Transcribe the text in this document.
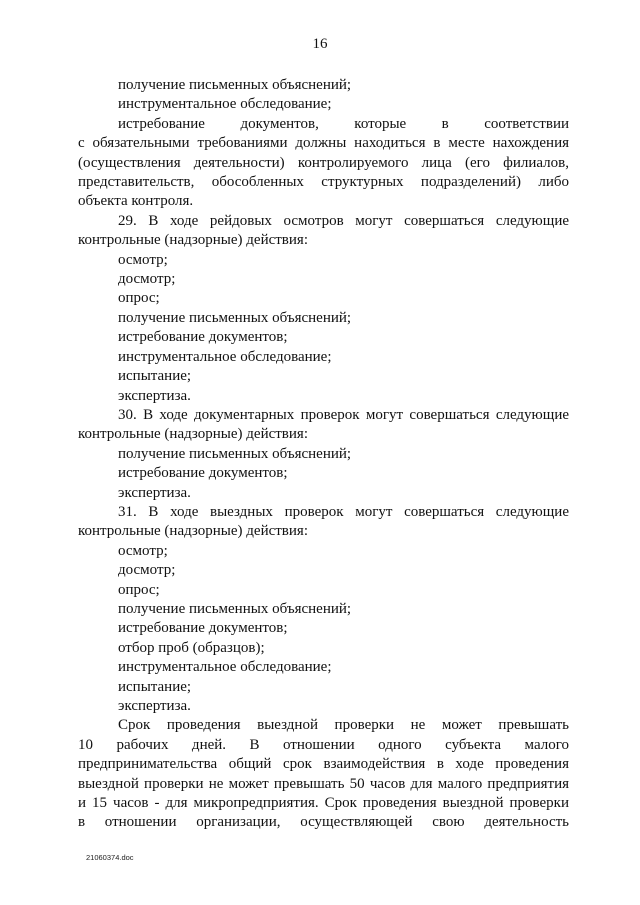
16
получение письменных объяснений;
инструментальное обследование;
истребование документов, которые в соответствии
с обязательными требованиями должны находиться в месте нахождения
(осуществления деятельности) контролируемого лица (его филиалов,
представительств, обособленных структурных подразделений) либо
объекта контроля.
29. В ходе рейдовых осмотров могут совершаться следующие
контрольные (надзорные) действия:
осмотр;
досмотр;
опрос;
получение письменных объяснений;
истребование документов;
инструментальное обследование;
испытание;
экспертиза.
30. В ходе документарных проверок могут совершаться следующие
контрольные (надзорные) действия:
получение письменных объяснений;
истребование документов;
экспертиза.
31. В ходе выездных проверок могут совершаться следующие
контрольные (надзорные) действия:
осмотр;
досмотр;
опрос;
получение письменных объяснений;
истребование документов;
отбор проб (образцов);
инструментальное обследование;
испытание;
экспертиза.
Срок проведения выездной проверки не может превышать
10 рабочих дней. В отношении одного субъекта малого
предпринимательства общий срок взаимодействия в ходе проведения
выездной проверки не может превышать 50 часов для малого предприятия
и 15 часов - для микропредприятия. Срок проведения выездной проверки
в отношении организации, осуществляющей свою деятельность
21060374.doc
